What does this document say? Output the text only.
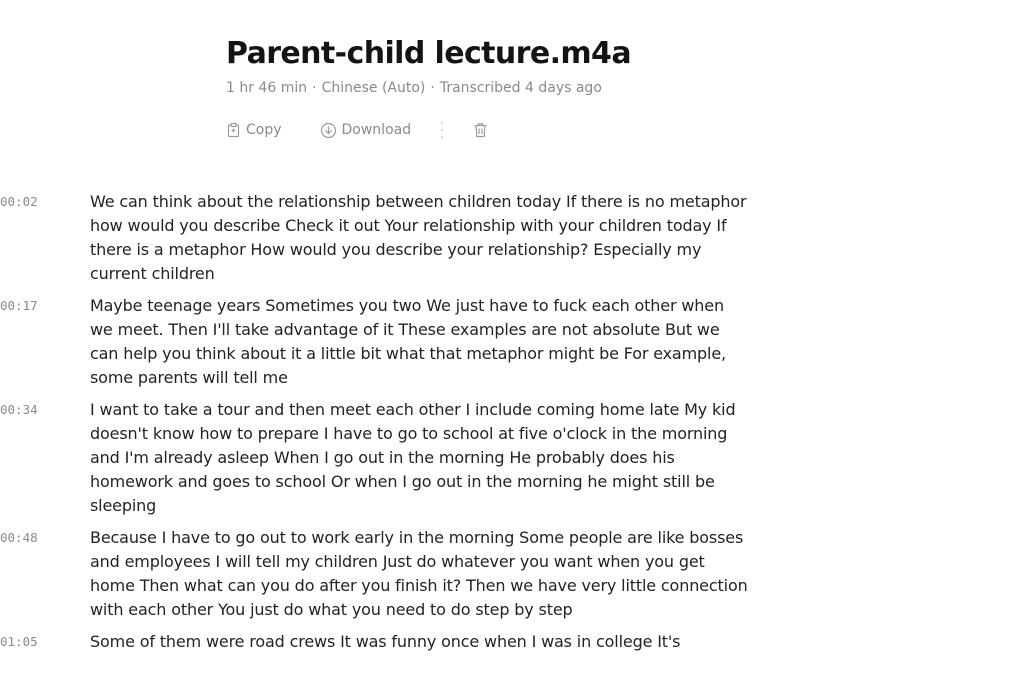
Parent-child lecture.m4a
1 hr 46 min · Chinese (Auto) · Transcribed 4 days ago
Copy	Download
00:02	We can think about the relationship between children today If there is no metaphor how would you describe Check it out Your relationship with your children today If there is a metaphor How would you describe your relationship? Especially my current children
00:17	Maybe teenage years Sometimes you two We just have to fuck each other when we meet. Then I'll take advantage of it These examples are not absolute But we can help you think about it a little bit what that metaphor might be For example, some parents will tell me
00:34	I want to take a tour and then meet each other I include coming home late My kid doesn't know how to prepare I have to go to school at five o'clock in the morning and I'm already asleep When I go out in the morning He probably does his homework and goes to school Or when I go out in the morning he might still be sleeping
00:48	Because I have to go out to work early in the morning Some people are like bosses and employees I will tell my children Just do whatever you want when you get home Then what can you do after you finish it? Then we have very little connection with each other You just do what you need to do step by step
01:05	Some of them were road crews It was funny once when I was in college It's
